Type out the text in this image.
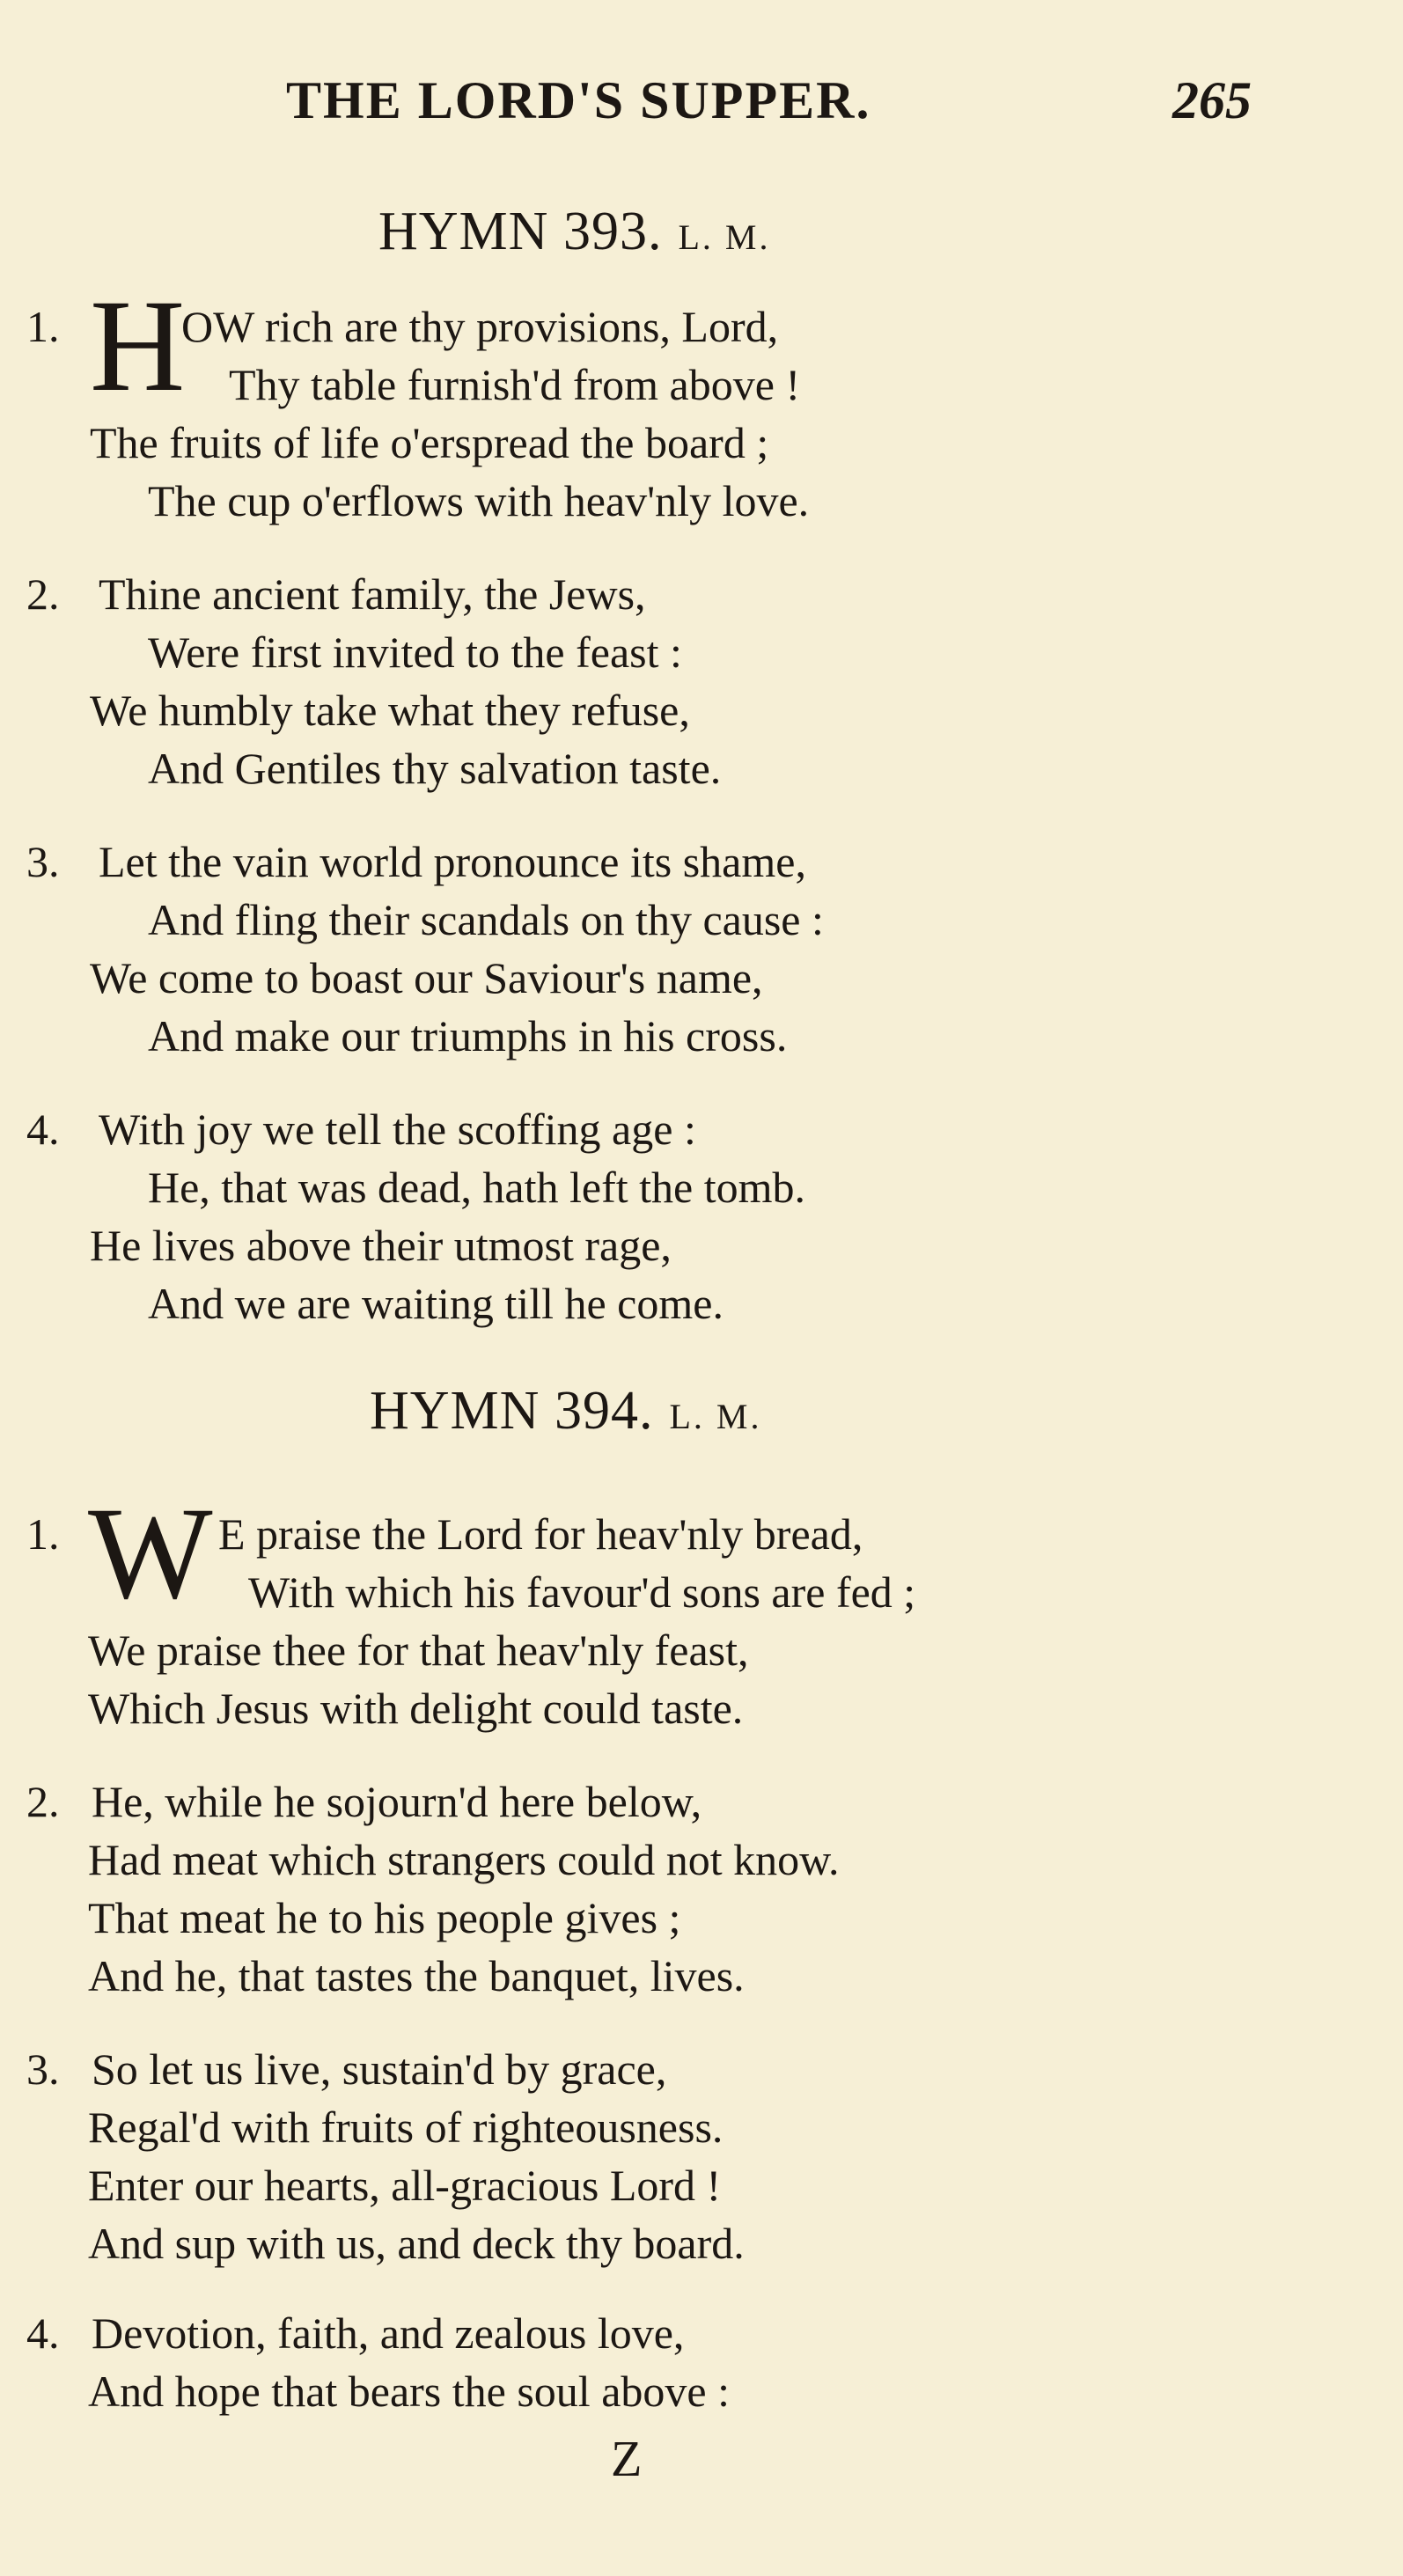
THE LORD'S SUPPER.	265
HYMN 393. L. M.
1. H
OW rich are thy provisions, Lord,
Thy table furnish'd from above !
The fruits of life o'erspread the board ;
The cup o'erflows with heav'nly love.
2. Thine ancient family, the Jews,
Were first invited to the feast :
We humbly take what they refuse,
And Gentiles thy salvation taste.
3. Let the vain world pronounce its shame,
And fling their scandals on thy cause :
We come to boast our Saviour's name,
And make our triumphs in his cross.
4. With joy we tell the scoffing age :
He, that was dead, hath left the tomb.
He lives above their utmost rage,
And we are waiting till he come.
HYMN 394. L. M.
1. W E praise the Lord for heav'nly bread,
With which his favour'd sons are fed ;
We praise thee for that heav'nly feast,
Which Jesus with delight could taste.
2. He, while he sojourn'd here below,
Had meat which strangers could not know.
That meat he to his people gives ;
And he, that tastes the banquet, lives.
3. So let us live, sustain'd by grace,
Regal'd with fruits of righteousness.
Enter our hearts, all-gracious Lord !
And sup with us, and deck thy board.
4. Devotion, faith, and zealous love,
And hope that bears the soul above :
Z
